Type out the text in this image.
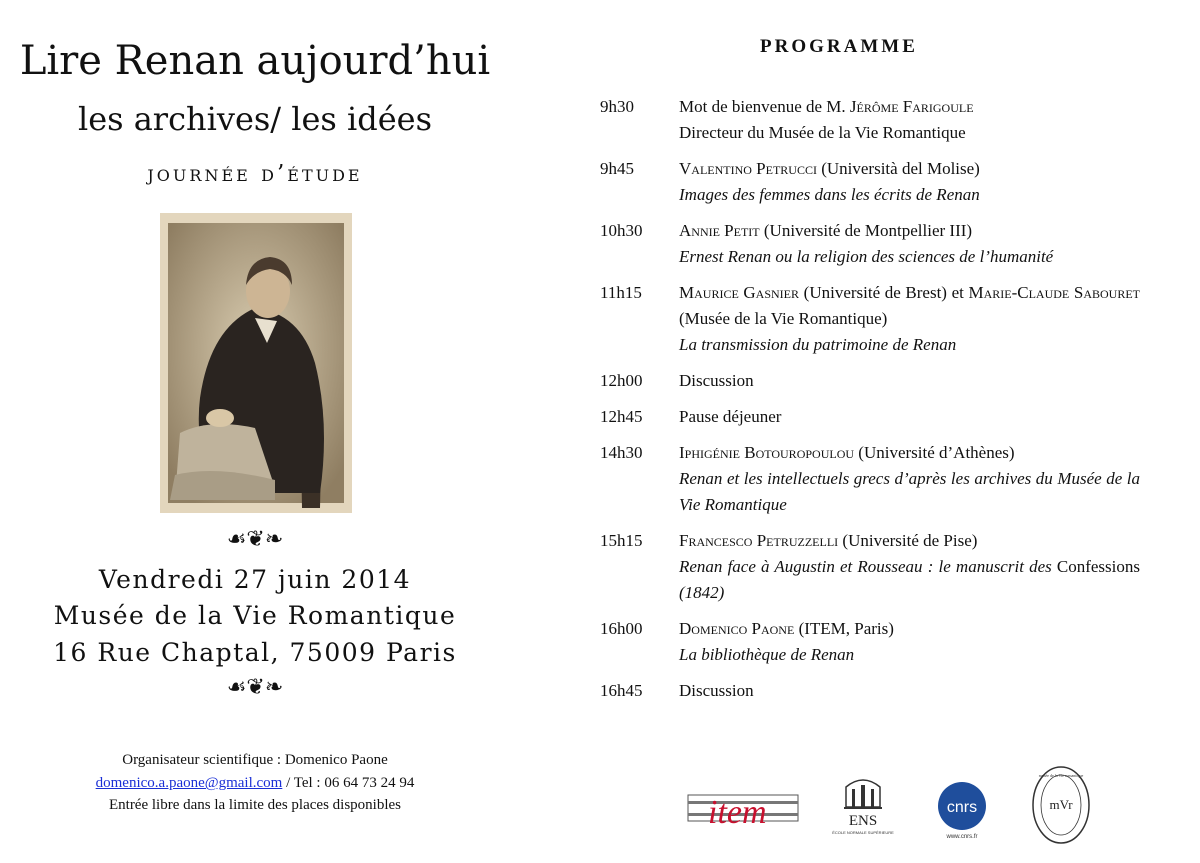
Lire Renan aujourd’hui
les archives/ les idées
journée d’étude
☙❦❧
Vendredi 27 juin 2014
Musée de la Vie Romantique
16 Rue Chaptal, 75009 Paris
☙❦❧
Organisateur scientifique : Domenico Paone
domenico.a.paone@gmail.com / Tel : 06 64 73 24 94
Entrée libre dans la limite des places disponibles
PROGRAMME
9h30	Mot de bienvenue de M. Jérôme Farigoule
Directeur du Musée de la Vie Romantique
9h45	Valentino Petrucci (Università del Molise)
Images des femmes dans les écrits de Renan
10h30	Annie Petit (Université de Montpellier III)
Ernest Renan ou la religion des sciences de l’humanité
11h15	Maurice Gasnier (Université de Brest) et Marie-Claude Sabouret (Musée de la Vie Romantique)
La transmission du patrimoine de Renan
12h00	Discussion
12h45	Pause déjeuner
14h30	Iphigénie Botouropoulou (Université d’Athènes)
Renan et les intellectuels grecs d’après les archives du Musée de la Vie Romantique
15h15	Francesco Petruzzelli (Université de Pise)
Renan face à Augustin et Rousseau : le manuscrit des Confessions (1842)
16h00	Domenico Paone (ITEM, Paris)
La bibliothèque de Renan
16h45	Discussion
item	ENS
ÉCOLE NORMALE SUPÉRIEURE
cnrs
www.cnrs.fr
mVr
musée de la Vie romantique
